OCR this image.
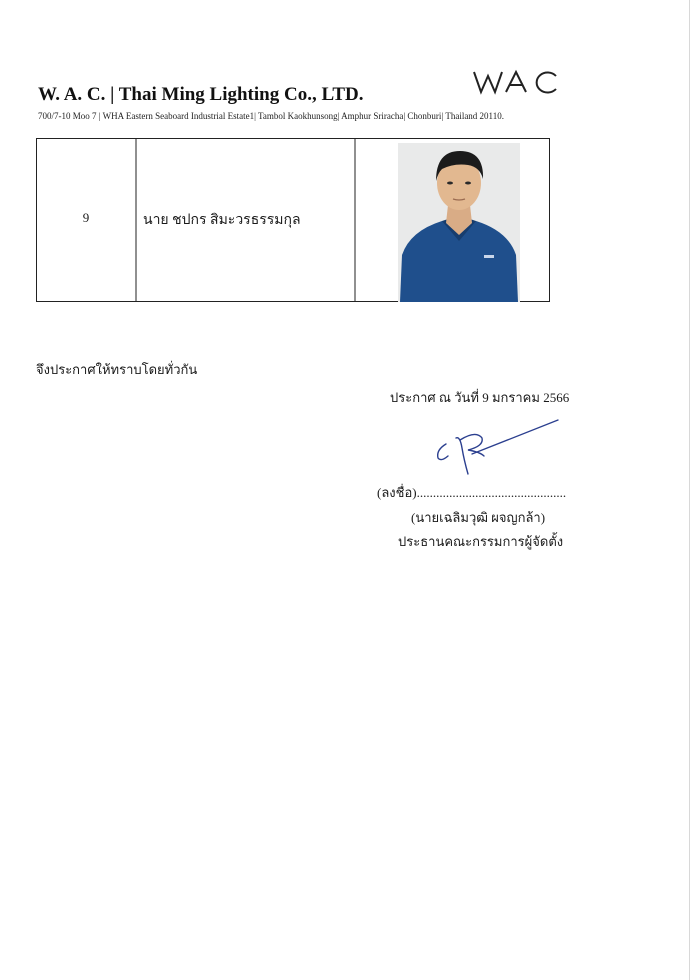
W. A. C. | Thai Ming Lighting Co., LTD.
700/7-10 Moo 7 | WHA Eastern Seaboard Industrial Estate1| Tambol Kaokhunsong| Amphur Sriracha| Chonburi| Thailand 20110.
9	นาย ชปกร สิมะวรธรรมกุล
จึงประกาศให้ทราบโดยทั่วกัน
ประกาศ ณ วันที่ 9 มกราคม 2566
(ลงชื่อ)..............................................
(นายเฉลิมวุฒิ ผจญกล้า)
ประธานคณะกรรมการผู้จัดตั้ง
